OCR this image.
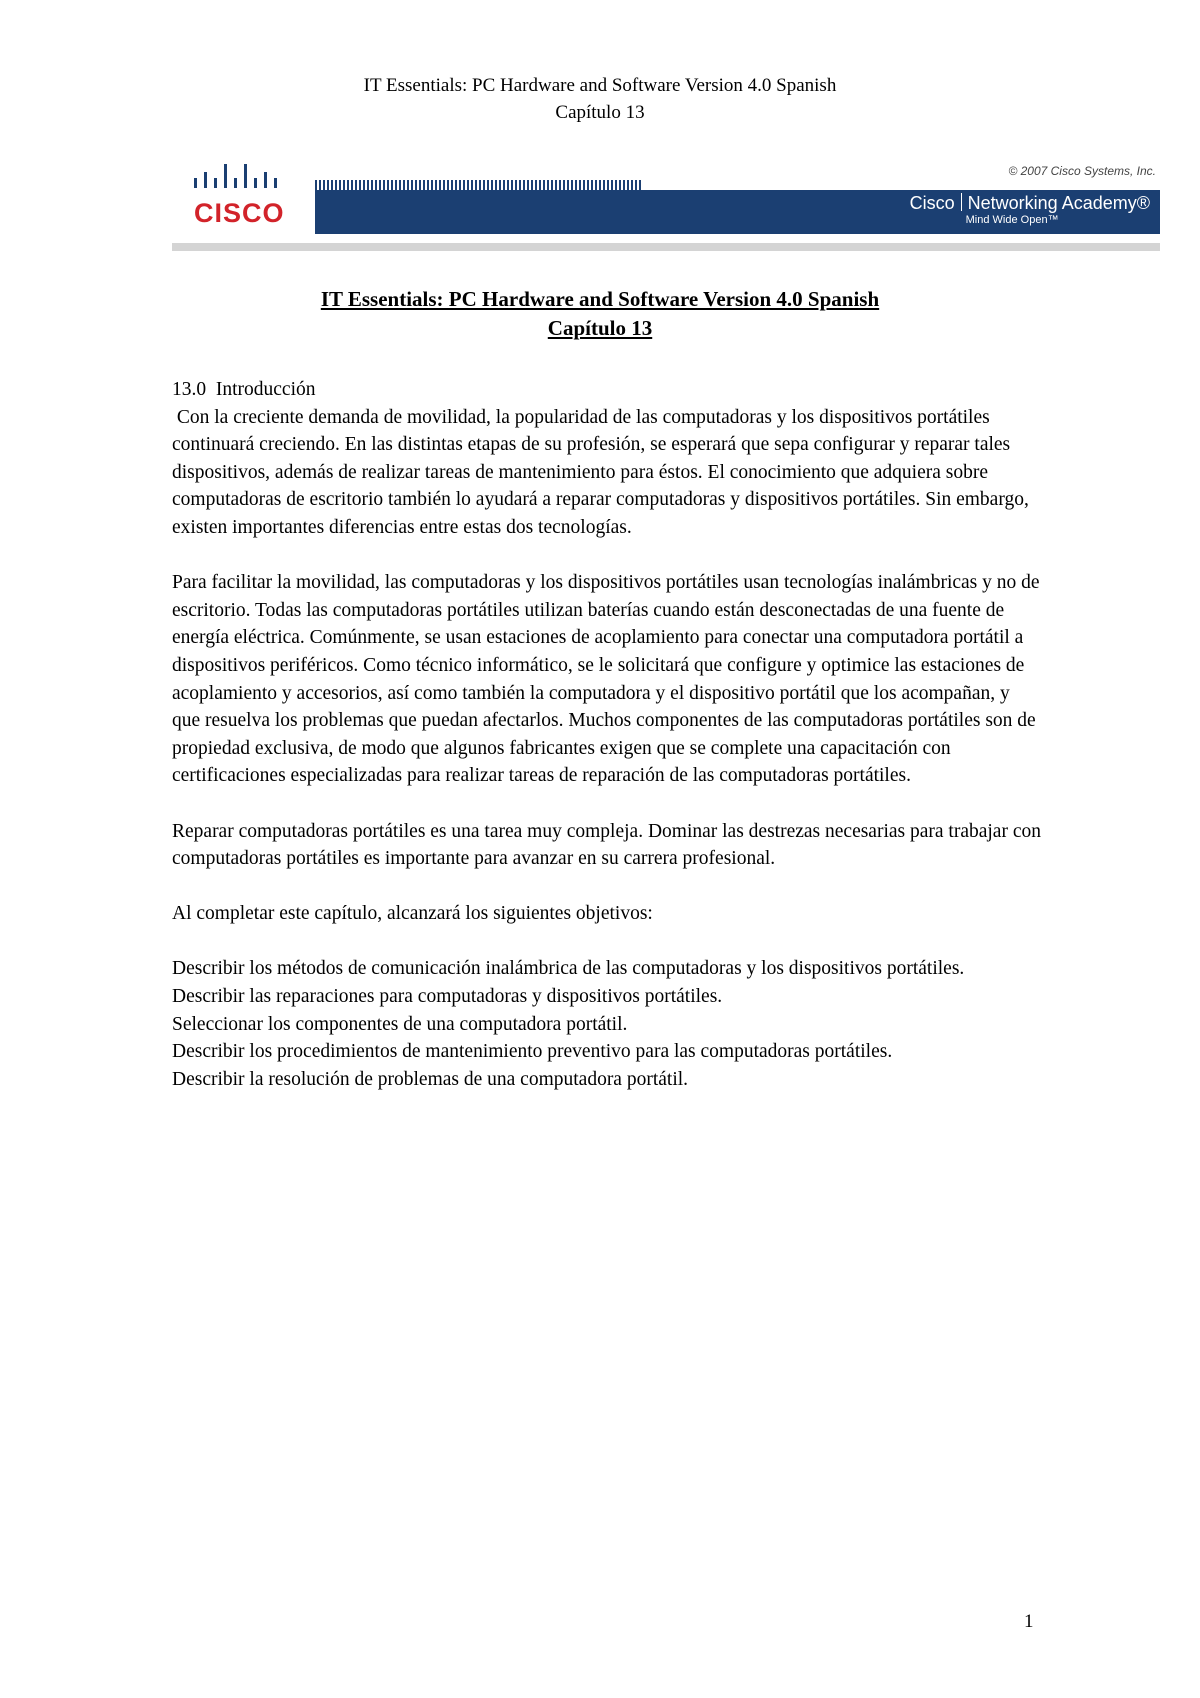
IT Essentials: PC Hardware and Software Version 4.0 Spanish
Capítulo 13
CISCO
© 2007 Cisco Systems, Inc.
Cisco Networking Academy®
Mind Wide Open™
IT Essentials: PC Hardware and Software Version 4.0 Spanish
Capítulo 13

13.0  Introducción

Con la creciente demanda de movilidad, la popularidad de las computadoras y los dispositivos portátiles continuará creciendo. En las distintas etapas de su profesión, se esperará que sepa configurar y reparar tales dispositivos, además de realizar tareas de mantenimiento para éstos. El conocimiento que adquiera sobre computadoras de escritorio también lo ayudará a reparar computadoras y dispositivos portátiles. Sin embargo, existen importantes diferencias entre estas dos tecnologías.

Para facilitar la movilidad, las computadoras y los dispositivos portátiles usan tecnologías inalámbricas y no de escritorio. Todas las computadoras portátiles utilizan baterías cuando están desconectadas de una fuente de energía eléctrica. Comúnmente, se usan estaciones de acoplamiento para conectar una computadora portátil a dispositivos periféricos. Como técnico informático, se le solicitará que configure y optimice las estaciones de acoplamiento y accesorios, así como también la computadora y el dispositivo portátil que los acompañan, y que resuelva los problemas que puedan afectarlos. Muchos componentes de las computadoras portátiles son de propiedad exclusiva, de modo que algunos fabricantes exigen que se complete una capacitación con certificaciones especializadas para realizar tareas de reparación de las computadoras portátiles.

Reparar computadoras portátiles es una tarea muy compleja. Dominar las destrezas necesarias para trabajar con computadoras portátiles es importante para avanzar en su carrera profesional.

Al completar este capítulo, alcanzará los siguientes objetivos:

Describir los métodos de comunicación inalámbrica de las computadoras y los dispositivos portátiles.

Describir las reparaciones para computadoras y dispositivos portátiles.

Seleccionar los componentes de una computadora portátil.

Describir los procedimientos de mantenimiento preventivo para las computadoras portátiles.

Describir la resolución de problemas de una computadora portátil.

1
